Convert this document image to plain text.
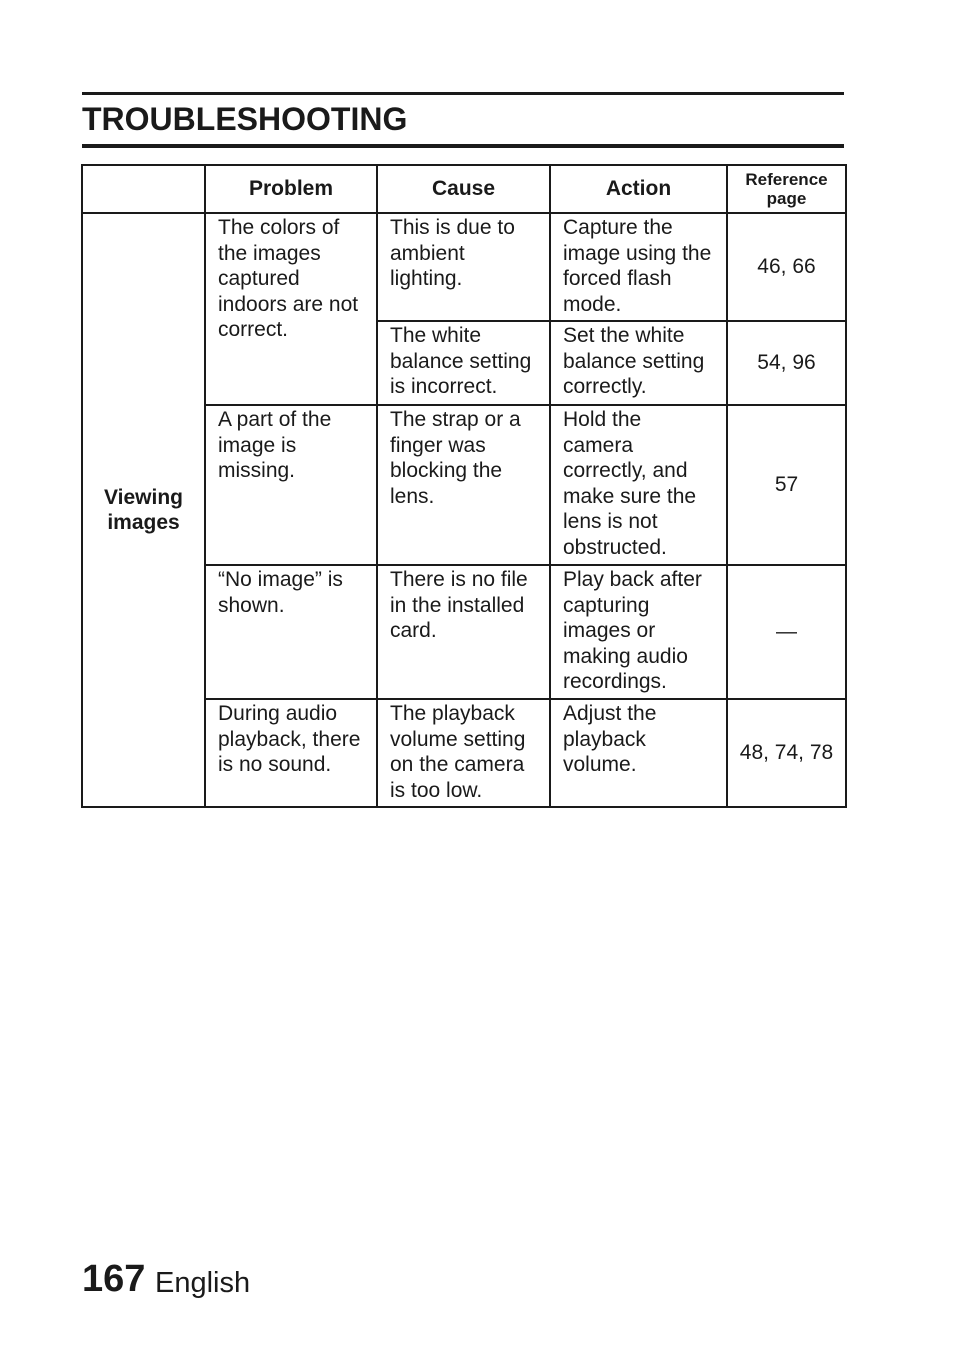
TROUBLESHOOTING
	Problem	Cause	Action	Reference page
Viewing images	The colors of the images captured indoors are not correct.	This is due to ambient lighting.	Capture the image using the forced flash mode.	46, 66
		The white balance setting is incorrect.	Set the white balance setting correctly.	54, 96
	A part of the image is missing.	The strap or a finger was blocking the lens.	Hold the camera correctly, and make sure the lens is not obstructed.	57
	“No image” is shown.	There is no file in the installed card.	Play back after capturing images or making audio recordings.	—
	During audio playback, there is no sound.	The playback volume setting on the camera is too low.	Adjust the playback volume.	48, 74, 78
167 English
